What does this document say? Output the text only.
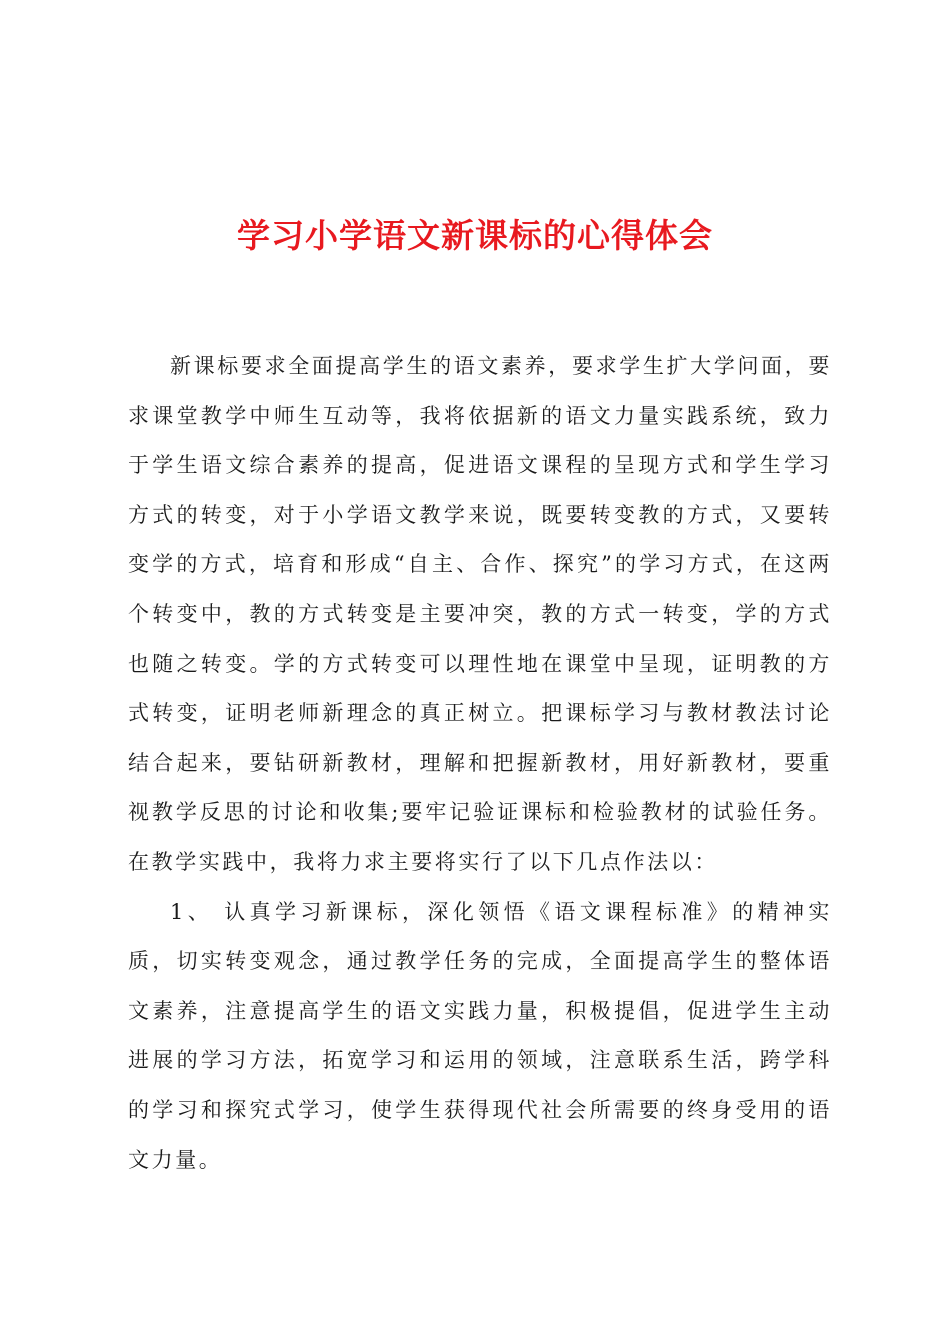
学习小学语文新课标的心得体会

新课标要求全面提高学生的语文素养，要求学生扩大学问面，要求课堂教学中师生互动等，我将依据新的语文力量实践系统，致力于学生语文综合素养的提高，促进语文课程的呈现方式和学生学习方式的转变，对于小学语文教学来说，既要转变教的方式，又要转变学的方式，培育和形成“自主、合作、探究”的学习方式，在这两个转变中，教的方式转变是主要冲突，教的方式一转变，学的方式也随之转变。学的方式转变可以理性地在课堂中呈现，证明教的方式转变，证明老师新理念的真正树立。把课标学习与教材教法讨论结合起来，要钻研新教材，理解和把握新教材，用好新教材，要重视教学反思的讨论和收集;要牢记验证课标和检验教材的试验任务。在教学实践中，我将力求主要将实行了以下几点作法以：

1、 认真学习新课标，深化领悟《语文课程标准》的精神实质，切实转变观念，通过教学任务的完成，全面提高学生的整体语文素养，注意提高学生的语文实践力量，积极提倡，促进学生主动进展的学习方法，拓宽学习和运用的领域，注意联系生活，跨学科的学习和探究式学习，使学生获得现代社会所需要的终身受用的语文力量。
